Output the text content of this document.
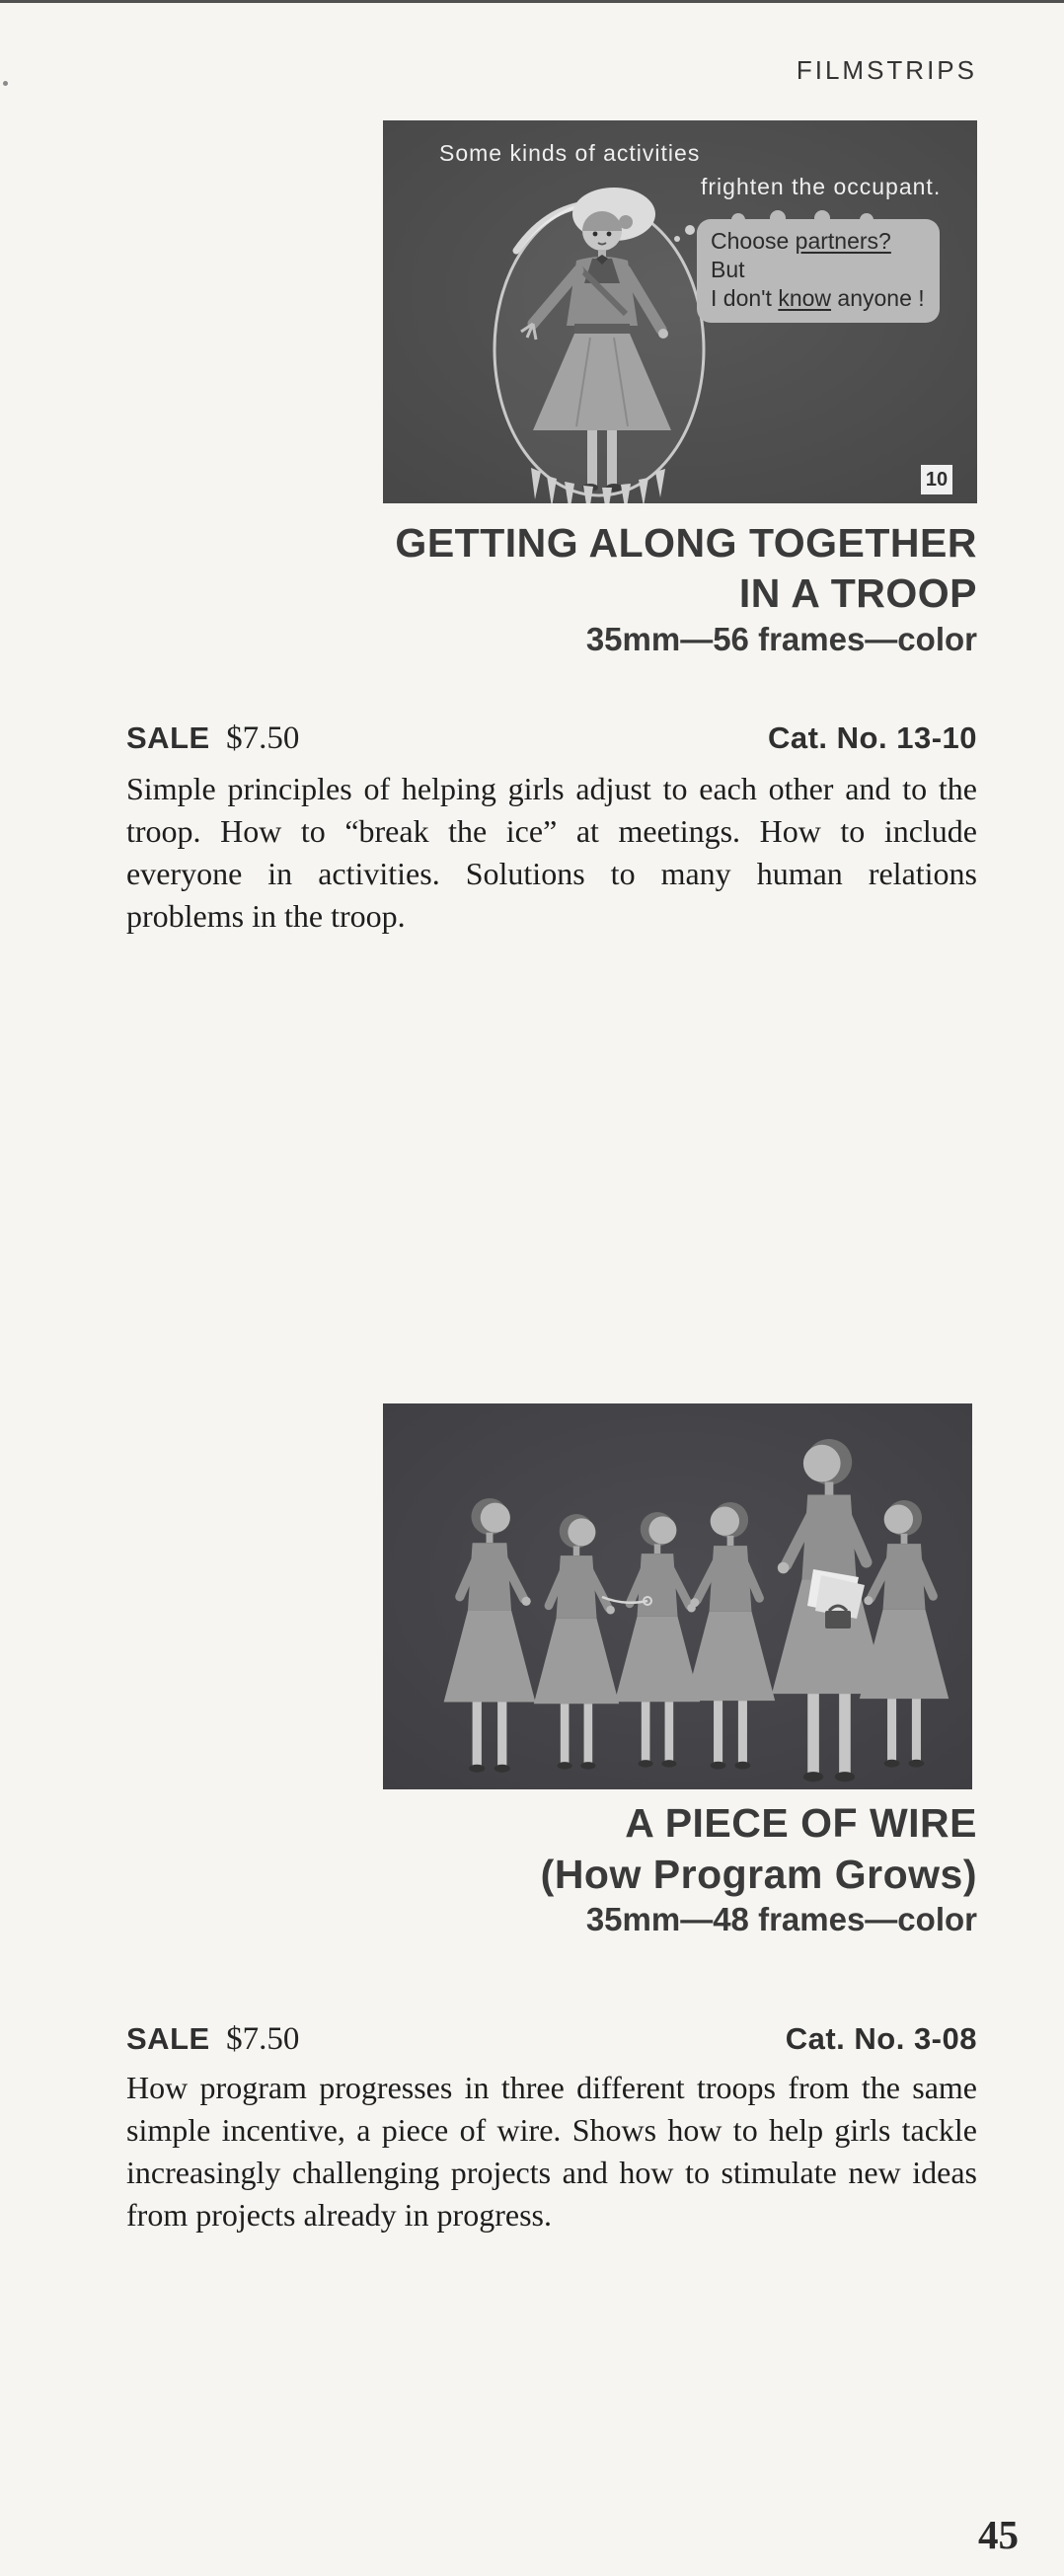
FILMSTRIPS
Some kinds of activities
frighten the occupant.
Choose partners? But
I don't know anyone !
10
GETTING ALONG TOGETHER
IN A TROOP
35mm—56 frames—color
SALE $7.50	Cat. No. 13-10

Simple principles of helping girls adjust to each other and to the troop. How to “break the ice” at meetings. How to include everyone in activities. Solutions to many human relations problems in the troop.

A PIECE OF WIRE
(How Program Grows)
35mm—48 frames—color
SALE $7.50	Cat. No. 3-08

How program progresses in three different troops from the same simple incentive, a piece of wire. Shows how to help girls tackle increasingly challenging projects and how to stimulate new ideas from projects already in progress.

45
